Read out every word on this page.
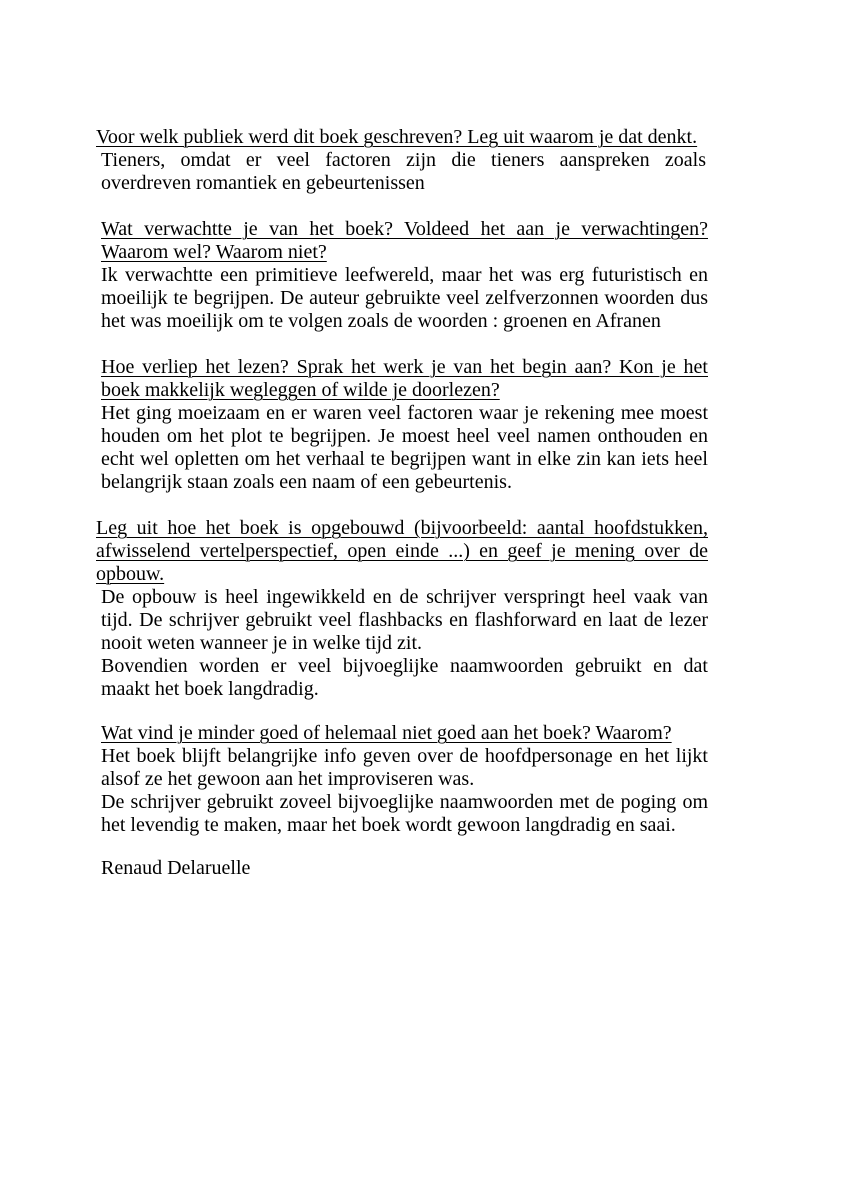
Voor welk publiek werd dit boek geschreven? Leg uit waarom je dat denkt.

Tieners, omdat er veel factoren zijn die tieners aanspreken zoals overdreven romantiek en gebeurtenissen

Wat verwachtte je van het boek? Voldeed het aan je verwachtingen? Waarom wel? Waarom niet?

Ik verwachtte een primitieve leefwereld, maar het was erg futuristisch en moeilijk te begrijpen. De auteur gebruikte veel zelfverzonnen woorden dus het was moeilijk om te volgen zoals de woorden : groenen en Afranen

Hoe verliep het lezen? Sprak het werk je van het begin aan? Kon je het boek makkelijk wegleggen of wilde je doorlezen?

Het ging moeizaam en er waren veel factoren waar je rekening mee moest houden om het plot te begrijpen. Je moest heel veel namen onthouden en echt wel opletten om het verhaal te begrijpen want in elke zin kan iets heel belangrijk staan zoals een naam of een gebeurtenis.

Leg uit hoe het boek is opgebouwd (bijvoorbeeld: aantal hoofdstukken, afwisselend vertelperspectief, open einde ...) en geef je mening over de opbouw.

De opbouw is heel ingewikkeld en de schrijver verspringt heel vaak van tijd. De schrijver gebruikt veel flashbacks en flashforward en laat de lezer nooit weten wanneer je in welke tijd zit.

Bovendien worden er veel bijvoeglijke naamwoorden gebruikt en dat maakt het boek langdradig.

Wat vind je minder goed of helemaal niet goed aan het boek? Waarom?

Het boek blijft belangrijke info geven over de hoofdpersonage en het lijkt alsof ze het gewoon aan het improviseren was.

De schrijver gebruikt zoveel bijvoeglijke naamwoorden met de poging om het levendig te maken, maar het boek wordt gewoon langdradig en saai.

Renaud Delaruelle
